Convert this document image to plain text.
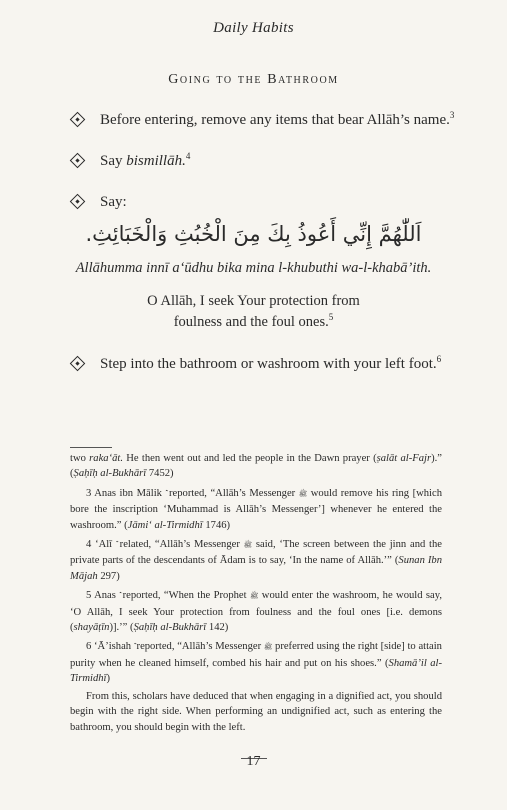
Daily Habits
Going to the Bathroom
Before entering, remove any items that bear Allāh’s name.$^3$
Say bismillāh.$^4$
Say:
اَللّٰهُمَّ إِنِّي أَعُوذُ بِكَ مِنَ الْخُبُثِ وَالْخَبَائِثِ.
Allāhumma innī a‘ūdhu bika mina l-khubuthi wa-l-khabā’ith.
O Allāh, I seek Your protection from
foulness and the foul ones.$^5$
Step into the bathroom or washroom with your left foot.$^6$

two raka‘āt. He then went out and led the people in the Dawn prayer (ṣalāt al-Fajr).” (Ṣaḥīḥ al-Bukhārī 7452)

3 Anas ibn Mālik reported, “Allāh’s Messenger ﷺ would remove his ring [which bore the inscription ‘Muhammad is Allāh’s Messenger’] whenever he entered the washroom.” (Jāmi‘ al-Tirmidhī 1746)

4 ‘Alī related, “Allāh’s Messenger ﷺ said, ‘The screen between the jinn and the private parts of the descendants of Ādam is to say, ‘In the name of Allāh.’” (Sunan Ibn Mājah 297)

5 Anas reported, “When the Prophet ﷺ would enter the washroom, he would say, ‘O Allāh, I seek Your protection from foulness and the foul ones [i.e. demons (shayāṭīn)].’” (Ṣaḥīḥ al-Bukhārī 142)

6 ‘Ā’ishah reported, “Allāh’s Messenger ﷺ preferred using the right [side] to attain purity when he cleaned himself, combed his hair and put on his shoes.” (Shamā’il al-Tirmidhī)

From this, scholars have deduced that when engaging in a dignified act, you should begin with the right side. When performing an undignified act, such as entering the bathroom, you should begin with the left.

17
